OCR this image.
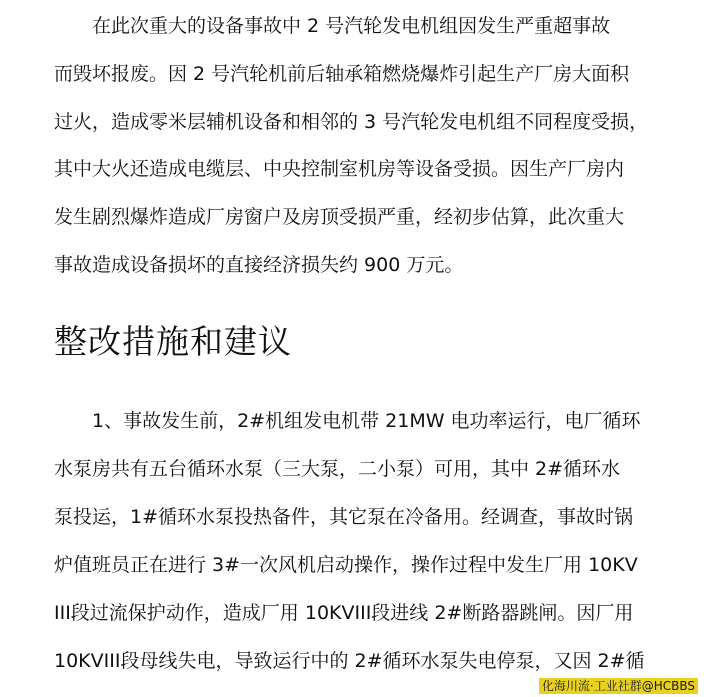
　　在此次重大的设备事故中 2 号汽轮发电机组因发生严重超事故
而毁坏报废。因 2 号汽轮机前后轴承箱燃烧爆炸引起生产厂房大面积
过火，造成零米层辅机设备和相邻的 3 号汽轮发电机组不同程度受损，
其中大火还造成电缆层、中央控制室机房等设备受损。因生产厂房内
发生剧烈爆炸造成厂房窗户及房顶受损严重，经初步估算，此次重大
事故造成设备损坏的直接经济损失约 900 万元。
整改措施和建议
　　1、事故发生前，2#机组发电机带 21MW 电功率运行，电厂循环
水泵房共有五台循环水泵（三大泵，二小泵）可用，其中 2#循环水
泵投运，1#循环水泵投热备件，其它泵在冷备用。经调查，事故时锅
炉值班员正在进行 3#一次风机启动操作，操作过程中发生厂用 10KV
III段过流保护动作，造成厂用 10KVIII段进线 2#断路器跳闸。因厂用
10KVIII段母线失电，导致运行中的 2#循环水泵失电停泵，又因 2#循
化海川流·工业社群@HCBBS
